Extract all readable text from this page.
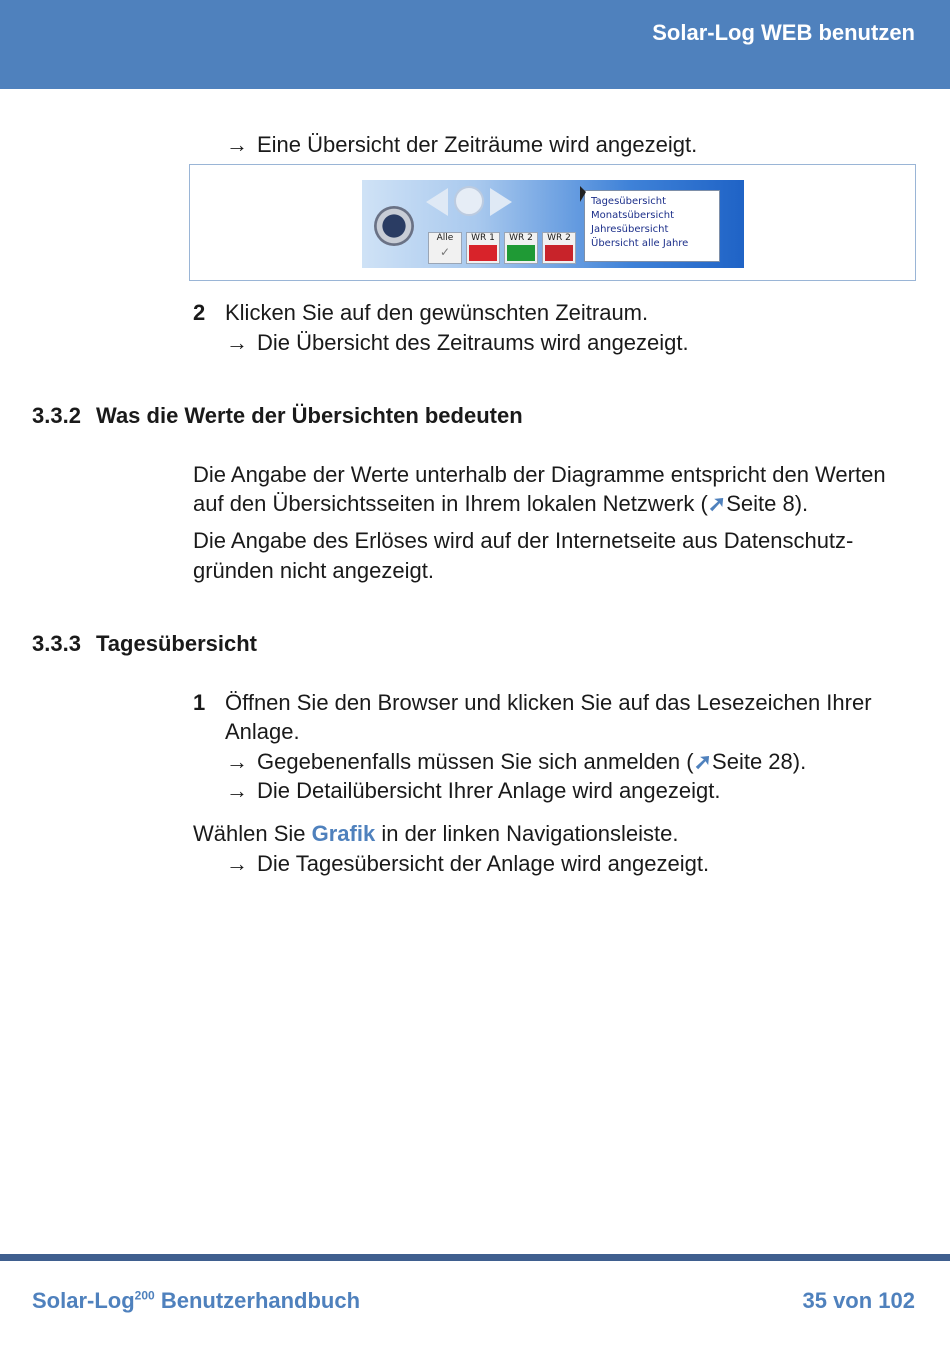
Solar-Log WEB benutzen
→ Eine Übersicht der Zeiträume wird angezeigt.
Alle
✓
WR 1	WR 2	WR 2
Tagesübersicht
Monatsübersicht
Jahresübersicht
Übersicht alle Jahre
2 Klicken Sie auf den gewünschten Zeitraum.
→ Die Übersicht des Zeitraums wird angezeigt.
3.3.2 Was die Werte der Übersichten bedeuten
Die Angabe der Werte unterhalb der Diagramme entspricht den Werten
auf den Übersichtsseiten in Ihrem lokalen Netzwerk (➚Seite 8).
Die Angabe des Erlöses wird auf der Internetseite aus Datenschutz-
gründen nicht angezeigt.
3.3.3 Tagesübersicht
1 Öffnen Sie den Browser und klicken Sie auf das Lesezeichen Ihrer
Anlage.
→ Gegebenenfalls müssen Sie sich anmelden (➚Seite 28).
→ Die Detailübersicht Ihrer Anlage wird angezeigt.
Wählen Sie Grafik in der linken Navigationsleiste.
→ Die Tagesübersicht der Anlage wird angezeigt.
Solar-Log$^{200}$ Benutzerhandbuch	35 von 102
